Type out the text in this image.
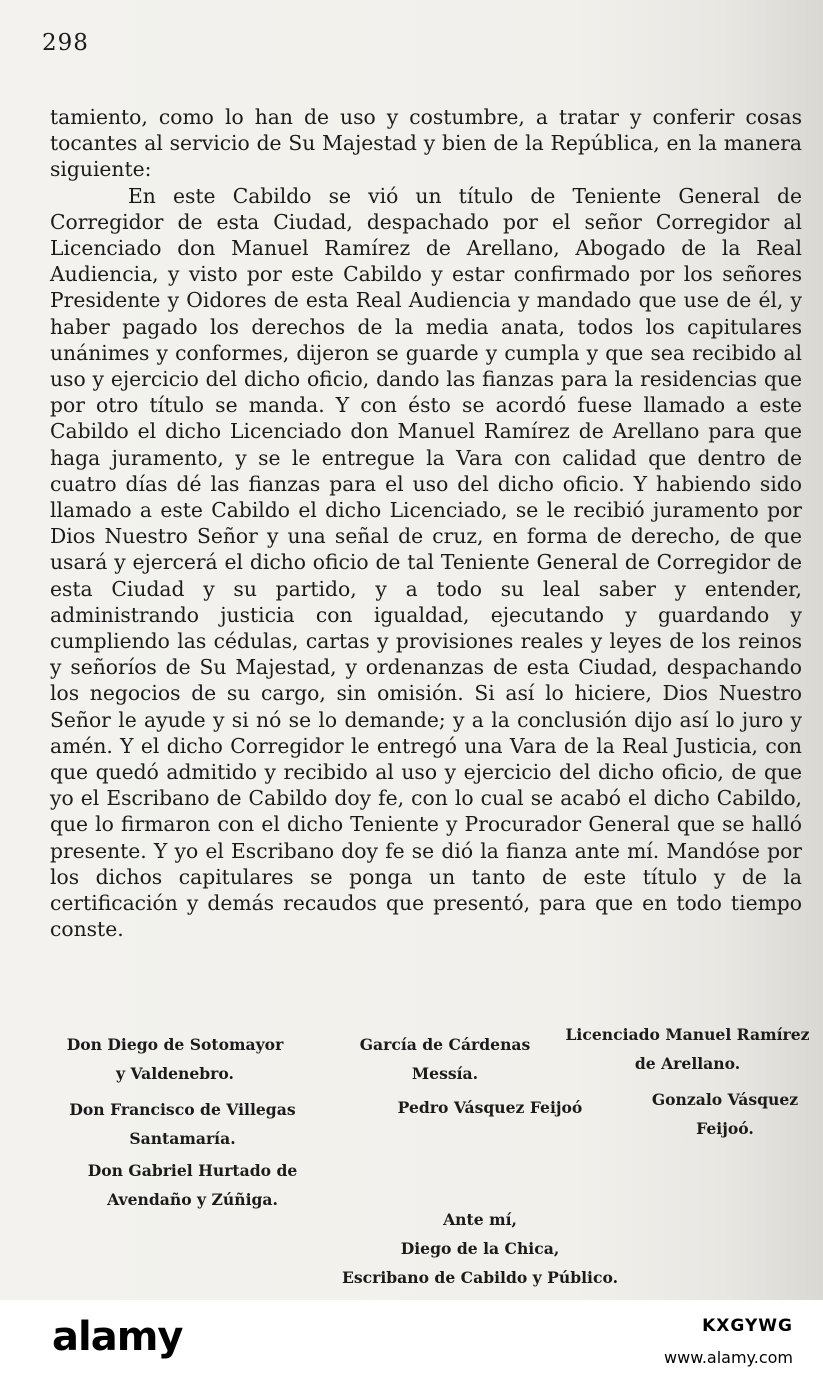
298

tamiento, como lo han de uso y costumbre, a tratar y conferir cosas tocantes al servicio de Su Majestad y bien de la República, en la manera siguiente:

En este Cabildo se vió un título de Teniente General de Corregidor de esta Ciudad, despachado por el señor Corregidor al Licenciado don Manuel Ramírez de Arellano, Abogado de la Real Audiencia, y visto por este Cabildo y estar confirmado por los señores Presidente y Oidores de esta Real Audiencia y mandado que use de él, y haber pagado los derechos de la media anata, todos los capitulares unánimes y conformes, dijeron se guarde y cumpla y que sea recibido al uso y ejercicio del dicho oficio, dando las fianzas para la residencias que por otro título se manda. Y con ésto se acordó fuese llamado a este Cabildo el dicho Licenciado don Manuel Ramírez de Arellano para que haga juramento, y se le entregue la Vara con calidad que dentro de cuatro días dé las fianzas para el uso del dicho oficio. Y habiendo sido llamado a este Cabildo el dicho Licenciado, se le recibió juramento por Dios Nuestro Señor y una señal de cruz, en forma de derecho, de que usará y ejercerá el dicho oficio de tal Teniente General de Corregidor de esta Ciudad y su partido, y a todo su leal saber y entender, administrando justicia con igualdad, ejecutando y guardando y cumpliendo las cédulas, cartas y provisiones reales y leyes de los reinos y señoríos de Su Majestad, y ordenanzas de esta Ciudad, despachando los negocios de su cargo, sin omisión. Si así lo hiciere, Dios Nuestro Señor le ayude y si nó se lo demande; y a la conclusión dijo así lo juro y amén. Y el dicho Corregidor le entregó una Vara de la Real Justicia, con que quedó admitido y recibido al uso y ejercicio del dicho oficio, de que yo el Escribano de Cabildo doy fe, con lo cual se acabó el dicho Cabildo, que lo firmaron con el dicho Teniente y Procurador General que se halló presente. Y yo el Escribano doy fe se dió la fianza ante mí. Mandóse por los dichos capitulares se ponga un tanto de este título y de la certificación y demás recaudos que presentó, para que en todo tiempo conste.

Don Diego de Sotomayor
y Valdenebro.
García de Cárdenas
Messía.
Licenciado Manuel Ramírez
de Arellano.
Don Francisco de Villegas
Santamaría.
Pedro Vásquez Feijoó	Gonzalo Vásquez
Feijoó.
Don Gabriel Hurtado de
Avendaño y Zúñiga.
Ante mí,
Diego de la Chica,
Escribano de Cabildo y Público.
alamy	KXGYWG
www.alamy.com
